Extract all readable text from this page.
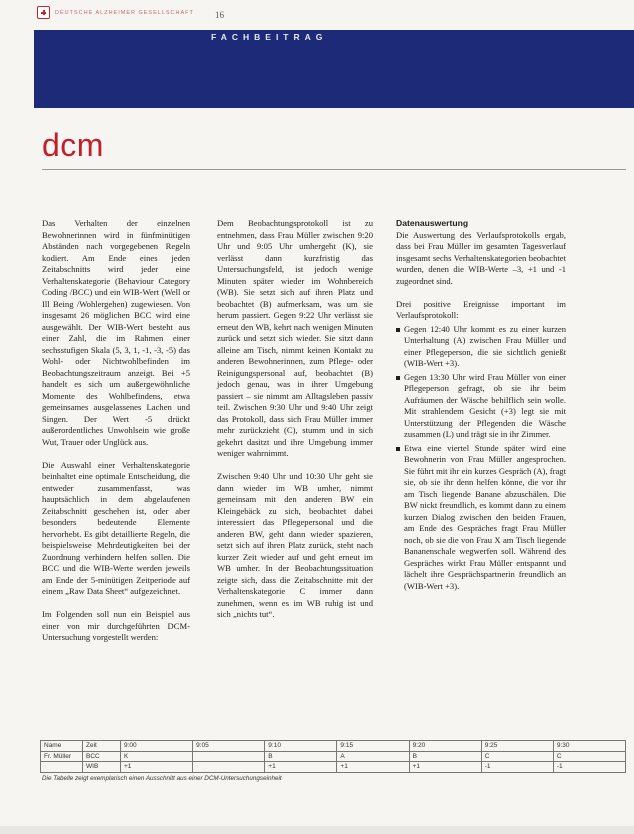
DEUTSCHE ALZHEIMER GESELLSCHAFT 16
FACHBEITRAG
dcm

Das Verhalten der einzelnen Bewohnerinnen wird in fünfminütigen Abständen nach vorgegebenen Regeln kodiert. Am Ende eines jeden Zeitabschnitts wird jeder eine Verhaltenskategorie (Behaviour Category Coding /BCC) und ein WIB-Wert (Well or Ill Being /Wohlergehen) zugewiesen. Von insgesamt 26 möglichen BCC wird eine ausgewählt. Der WIB-Wert besteht aus einer Zahl, die im Rahmen einer sechsstufigen Skala (5, 3, 1, -1, -3, -5) das Wohl- oder Nichtwohlbefinden im Beobachtungszeitraum anzeigt. Bei +5 handelt es sich um außergewöhnliche Momente des Wohlbefindens, etwa gemeinsames ausgelassenes Lachen und Singen. Der Wert -5 drückt außerordentliches Unwohlsein wie große Wut, Trauer oder Unglück aus.

Die Auswahl einer Verhaltenskategorie beinhaltet eine optimale Entscheidung, die entweder zusammenfasst, was hauptsächlich in dem abgelaufenen Zeitabschnitt geschehen ist, oder aber besonders bedeutende Elemente hervorhebt. Es gibt detaillierte Regeln, die beispielsweise Mehrdeutigkeiten bei der Zuordnung verhindern helfen sollen. Die BCC und die WIB-Werte werden jeweils am Ende der 5-minütigen Zeitperiode auf einem „Raw Data Sheet“ aufgezeichnet.

Im Folgenden soll nun ein Beispiel aus einer von mir durchgeführten DCM-Untersuchung vorgestellt werden:

Dem Beobachtungsprotokoll ist zu entnehmen, dass Frau Müller zwischen 9:20 Uhr und 9:05 Uhr umhergeht (K), sie verlässt dann kurzfristig das Untersuchungsfeld, ist jedoch wenige Minuten später wieder im Wohnbereich (WB). Sie setzt sich auf ihren Platz und beobachtet (B) aufmerksam, was um sie herum passiert. Gegen 9:22 Uhr verlässt sie erneut den WB, kehrt nach wenigen Minuten zurück und setzt sich wieder. Sie sitzt dann alleine am Tisch, nimmt keinen Kontakt zu anderen Bewohnerinnen, zum Pflege- oder Reinigungspersonal auf, beobachtet (B) jedoch genau, was in ihrer Umgebung passiert – sie nimmt am Alltagsleben passiv teil. Zwischen 9:30 Uhr und 9:40 Uhr zeigt das Protokoll, dass sich Frau Müller immer mehr zurückzieht (C), stumm und in sich gekehrt dasitzt und ihre Umgebung immer weniger wahrnimmt.

Zwischen 9:40 Uhr und 10:30 Uhr geht sie dann wieder im WB umher, nimmt gemeinsam mit den anderen BW ein Kleingebäck zu sich, beobachtet dabei interessiert das Pflegepersonal und die anderen BW, geht dann wieder spazieren, setzt sich auf ihren Platz zurück, steht nach kurzer Zeit wieder auf und geht erneut im WB umher. In der Beobachtungssituation zeigte sich, dass die Zeitabschnitte mit der Verhaltenskategorie C immer dann zunehmen, wenn es im WB ruhig ist und sich „nichts tut“.

Datenauswertung

Die Auswertung des Verlaufsprotokolls ergab, dass bei Frau Müller im gesamten Tagesverlauf insgesamt sechs Verhaltenskategorien beobachtet wurden, denen die WIB-Werte –3, +1 und -1 zugeordnet sind.

Drei positive Ereignisse important im Verlaufsprotokoll:

Gegen 12:40 Uhr kommt es zu einer kurzen Unterhaltung (A) zwischen Frau Müller und einer Pflegeperson, die sie sichtlich genießt (WIB-Wert +3).
Gegen 13:30 Uhr wird Frau Müller von einer Pflegeperson gefragt, ob sie ihr beim Aufräumen der Wäsche behilflich sein wolle. Mit strahlendem Gesicht (+3) legt sie mit Unterstützung der Pflegenden die Wäsche zusammen (L) und trägt sie in ihr Zimmer.
Etwa eine viertel Stunde später wird eine Bewohnerin von Frau Müller angesprochen. Sie führt mit ihr ein kurzes Gespräch (A), fragt sie, ob sie ihr denn helfen könne, die vor ihr am Tisch liegende Banane abzuschälen. Die BW nickt freundlich, es kommt dann zu einem kurzen Dialog zwischen den beiden Frauen, am Ende des Gespräches fragt Frau Müller noch, ob sie die von Frau X am Tisch liegende Bananenschale wegwerfen soll. Während des Gespräches wirkt Frau Müller entspannt und lächelt ihre Gesprächspartnerin freundlich an (WIB-Wert +3).
Name	Zeit	9:00	9:05	9:10	9:15	9:20	9:25	9:30
Fr. Müller	BCC	K		B	A	B	C	C
	WIB	+1		+1	+1	+1	-1	-1
Die Tabelle zeigt exemplarisch einen Ausschnitt aus einer DCM-Untersuchungseinheit
